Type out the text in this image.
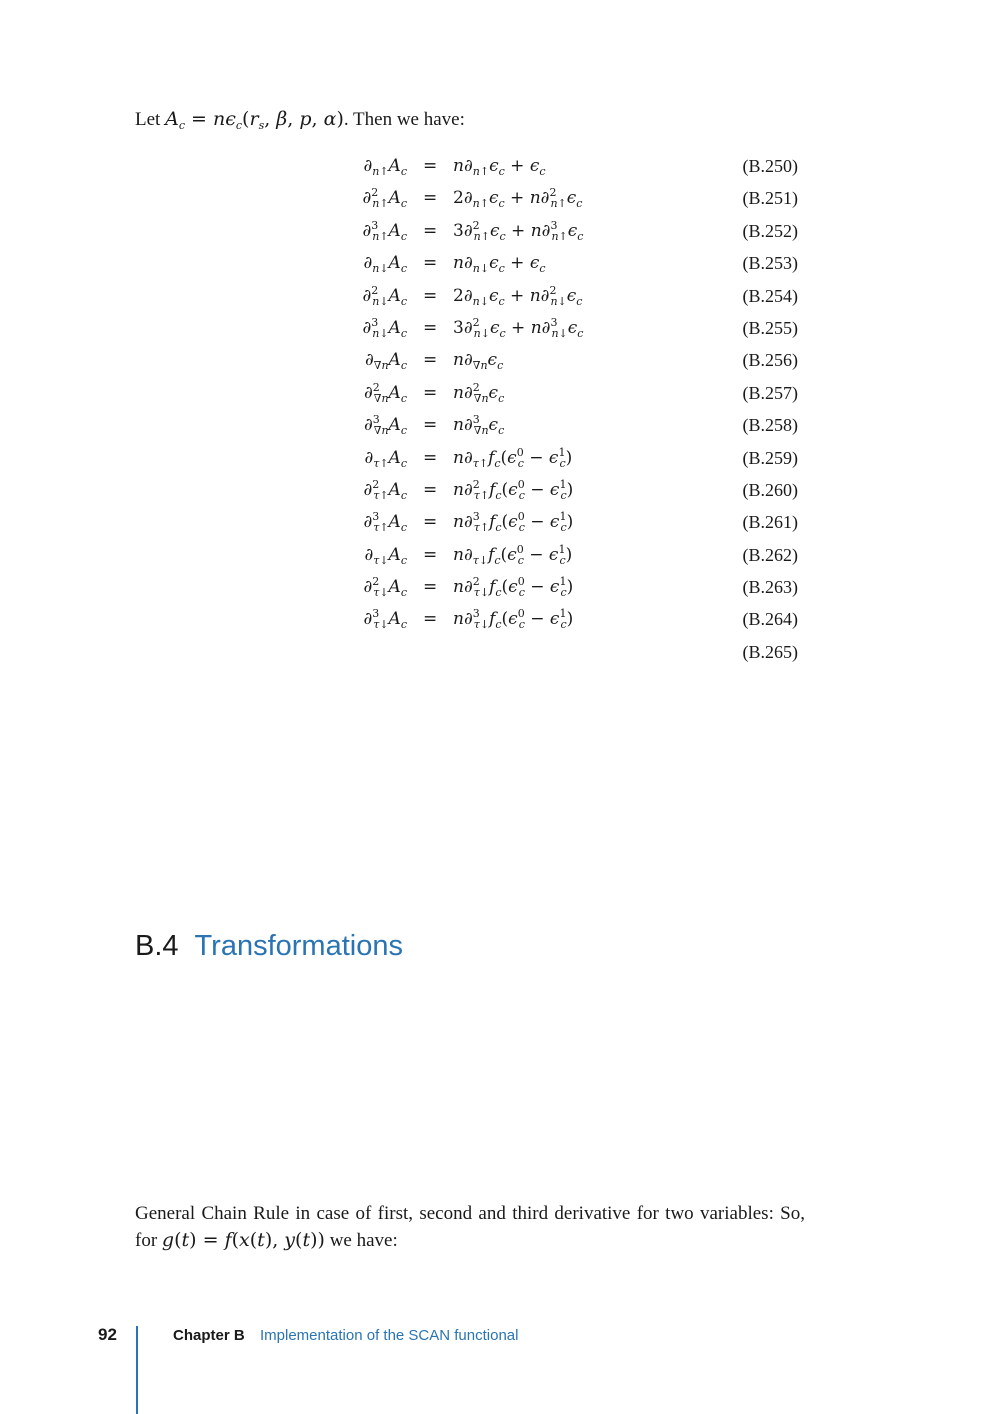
Let $A_c = n\epsilon_c(r_s$, β, p, α). Then we have:

$\partial_{n↑}A_c = n\partial_{n↑}\epsilon_c + \epsilon_c$	(B.250)
$\partial^2_{n↑}A_c = 2\partial_{n↑}\epsilon_c + n\partial^2_{n↑}\epsilon_c$	(B.251)
$\partial^3_{n↑}A_c = 3\partial^2_{n↑}\epsilon_c + n\partial^3_{n↑}\epsilon_c$	(B.252)
$\partial_{n↓}A_c = n\partial_{n↓}\epsilon_c + \epsilon_c$	(B.253)
$\partial^2_{n↓}A_c = 2\partial_{n↓}\epsilon_c + n\partial^2_{n↓}\epsilon_c$	(B.254)
$\partial^3_{n↓}A_c = 3\partial^2_{n↓}\epsilon_c + n\partial^3_{n↓}\epsilon_c$	(B.255)
$\partial_{\nabla n}A_c = n\partial_{\nabla n}\epsilon_c$	(B.256)
$\partial^2_{\nabla n}A_c = n\partial^2_{\nabla n}\epsilon_c$	(B.257)
$\partial^3_{\nabla n}A_c = n\partial^3_{\nabla n}\epsilon_c$	(B.258)
$\partial_{\tau↑}A_c = n\partial_{\tau↑}f_c(\epsilon^0_c - \epsilon^1_c)$	(B.259)
$\partial^2_{\tau↑}A_c = n\partial^2_{\tau↑}f_c(\epsilon^0_c - \epsilon^1_c)$	(B.260)
$\partial^3_{\tau↑}A_c = n\partial^3_{\tau↑}f_c(\epsilon^0_c - \epsilon^1_c)$	(B.261)
$\partial_{\tau↓}A_c = n\partial_{\tau↓}f_c(\epsilon^0_c - \epsilon^1_c)$	(B.262)
$\partial^2_{\tau↓}A_c = n\partial^2_{\tau↓}f_c(\epsilon^0_c - \epsilon^1_c)$	(B.263)
$\partial^3_{\tau↓}A_c = n\partial^3_{\tau↓}f_c(\epsilon^0_c - \epsilon^1_c)$	(B.264)
(B.265)
B.4 Transformations

General Chain Rule in case of first, second and third derivative for two variables: So, for g(t) = f(x(t), y(t)) we have:

92	Chapter B Implementation of the SCAN functional
